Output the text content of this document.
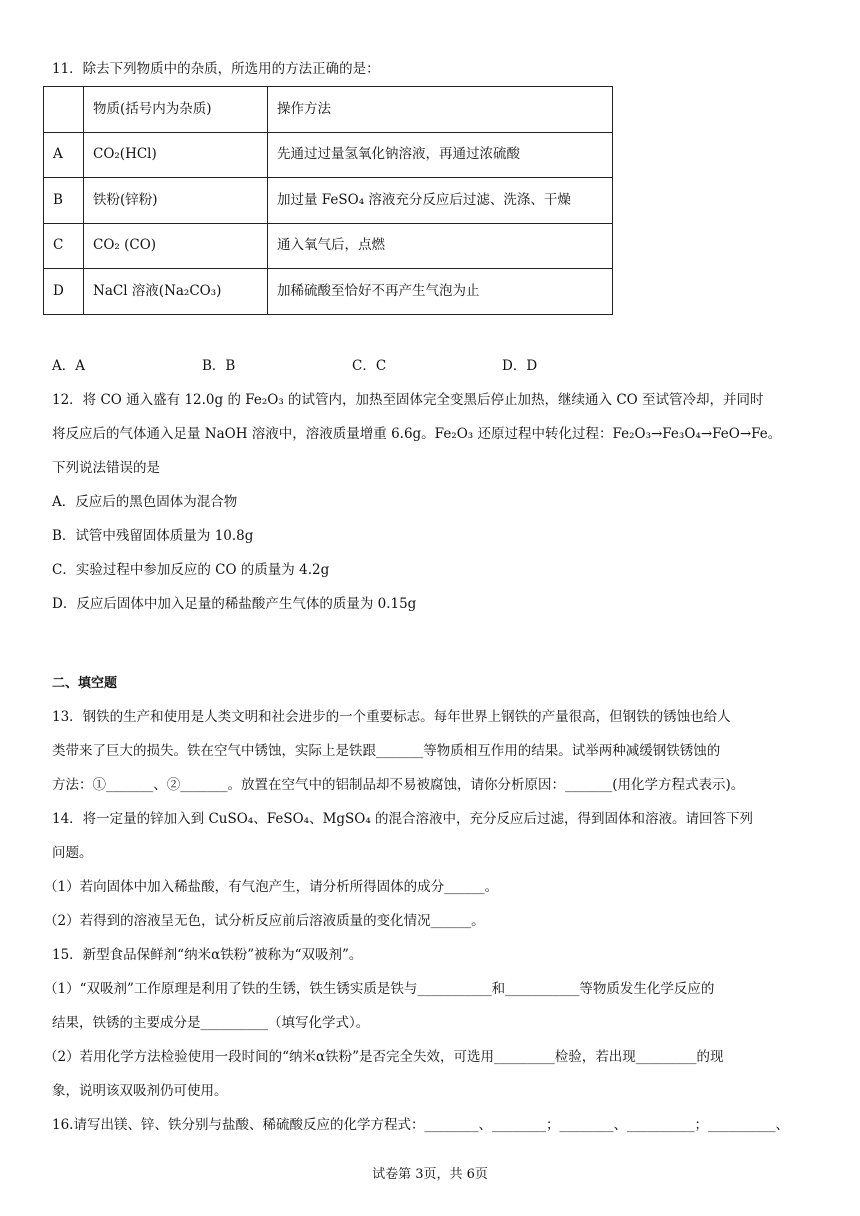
11．除去下列物质中的杂质，所选用的方法正确的是：
	物质(括号内为杂质)	操作方法
A	CO₂(HCl)	先通过过量氢氧化钠溶液，再通过浓硫酸
B	铁粉(锌粉)	加过量 FeSO₄ 溶液充分反应后过滤、洗涤、干燥
C	CO₂ (CO)	通入氧气后，点燃
D	NaCl 溶液(Na₂CO₃)	加稀硫酸至恰好不再产生气泡为止
A．A	B．B	C．C	D．D
12．将 CO 通入盛有 12.0g 的 Fe₂O₃ 的试管内，加热至固体完全变黑后停止加热，继续通入 CO 至试管冷却，并同时
将反应后的气体通入足量 NaOH 溶液中，溶液质量增重 6.6g。Fe₂O₃ 还原过程中转化过程：Fe₂O₃→Fe₃O₄→FeO→Fe。
下列说法错误的是
A．反应后的黑色固体为混合物
B．试管中残留固体质量为 10.8g
C．实验过程中参加反应的 CO 的质量为 4.2g
D．反应后固体中加入足量的稀盐酸产生气体的质量为 0.15g
二、填空题
13．钢铁的生产和使用是人类文明和社会进步的一个重要标志。每年世界上钢铁的产量很高，但钢铁的锈蚀也给人
类带来了巨大的损失。铁在空气中锈蚀，实际上是铁跟_______等物质相互作用的结果。试举两种减缓钢铁锈蚀的
方法：①_______、②_______。放置在空气中的铝制品却不易被腐蚀，请你分析原因：_______(用化学方程式表示)。
14．将一定量的锌加入到 CuSO₄、FeSO₄、MgSO₄ 的混合溶液中，充分反应后过滤，得到固体和溶液。请回答下列
问题。
（1）若向固体中加入稀盐酸，有气泡产生，请分析所得固体的成分______。
（2）若得到的溶液呈无色，试分析反应前后溶液质量的变化情况______。
15．新型食品保鲜剂“纳米α铁粉”被称为“双吸剂”。
（1）“双吸剂”工作原理是利用了铁的生锈，铁生锈实质是铁与___________和___________等物质发生化学反应的
结果，铁锈的主要成分是__________（填写化学式）。
（2）若用化学方法检验使用一段时间的“纳米α铁粉”是否完全失效，可选用_________检验，若出现_________的现
象，说明该双吸剂仍可使用。
16.请写出镁、锌、铁分别与盐酸、稀硫酸反应的化学方程式：________、________；________、__________；__________、
试卷第 3页，共 6页
